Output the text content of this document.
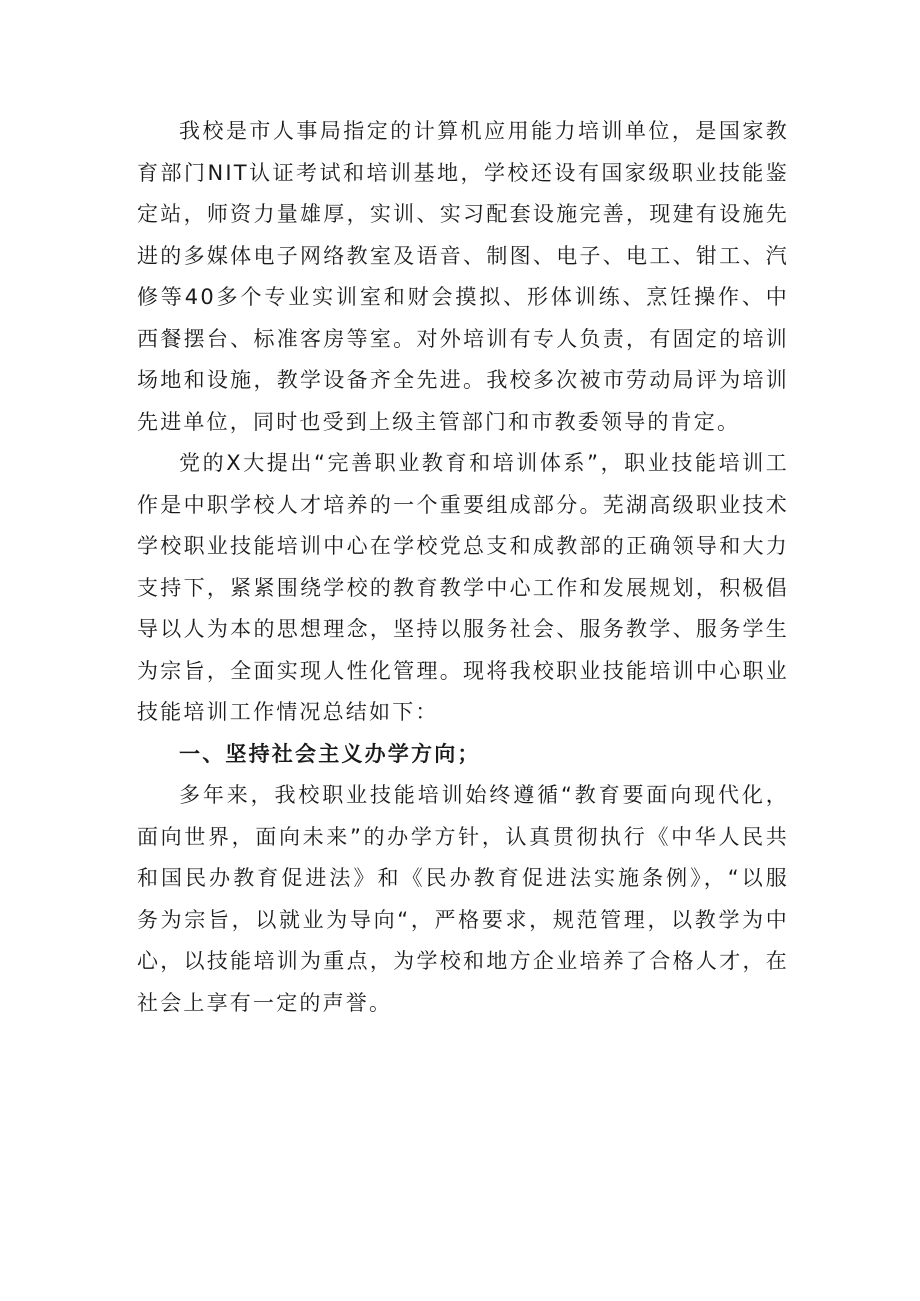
我校是市人事局指定的计算机应用能力培训单位，是国家教育部门NIT认证考试和培训基地，学校还设有国家级职业技能鉴定站，师资力量雄厚，实训、实习配套设施完善，现建有设施先进的多媒体电子网络教室及语音、制图、电子、电工、钳工、汽修等40多个专业实训室和财会摸拟、形体训练、烹饪操作、中西餐摆台、标准客房等室。对外培训有专人负责，有固定的培训场地和设施，教学设备齐全先进。我校多次被市劳动局评为培训先进单位，同时也受到上级主管部门和市教委领导的肯定。

党的X大提出“完善职业教育和培训体系”，职业技能培训工作是中职学校人才培养的一个重要组成部分。芜湖高级职业技术学校职业技能培训中心在学校党总支和成教部的正确领导和大力支持下，紧紧围绕学校的教育教学中心工作和发展规划，积极倡导以人为本的思想理念，坚持以服务社会、服务教学、服务学生为宗旨，全面实现人性化管理。现将我校职业技能培训中心职业技能培训工作情况总结如下：

一、坚持社会主义办学方向；

多年来，我校职业技能培训始终遵循“教育要面向现代化，面向世界，面向未来”的办学方针，认真贯彻执行《中华人民共和国民办教育促进法》和《民办教育促进法实施条例》，“以服务为宗旨，以就业为导向“，严格要求，规范管理，以教学为中心，以技能培训为重点，为学校和地方企业培养了合格人才，在社会上享有一定的声誉。
